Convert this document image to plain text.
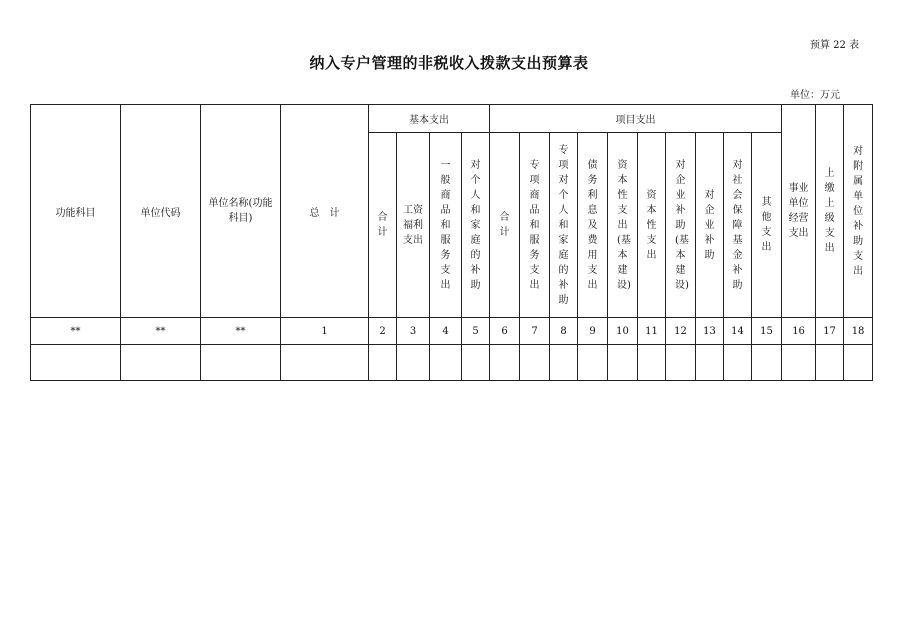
预算 22 表
纳入专户管理的非税收入拨款支出预算表
单位：万元
功能科目	单位代码	单位名称(功能科目)	总　计	基本支出				项目支出										事业单位经营支出	上缴上级支出	对附属单位补助支出
				合计	工资福利支出	一般商品和服务支出	对个人和家庭的补助	合计	专项商品和服务支出	专项对个人和家庭的补助	债务利息及费用支出	资本性支出(基本建设)	资本性支出	对企业补助(基本建设)	对企业补助	对社会保障基金补助	其他支出			
**	**	**	1	2	3	4	5	6	7	8	9	10	11	12	13	14	15	16	17	18
